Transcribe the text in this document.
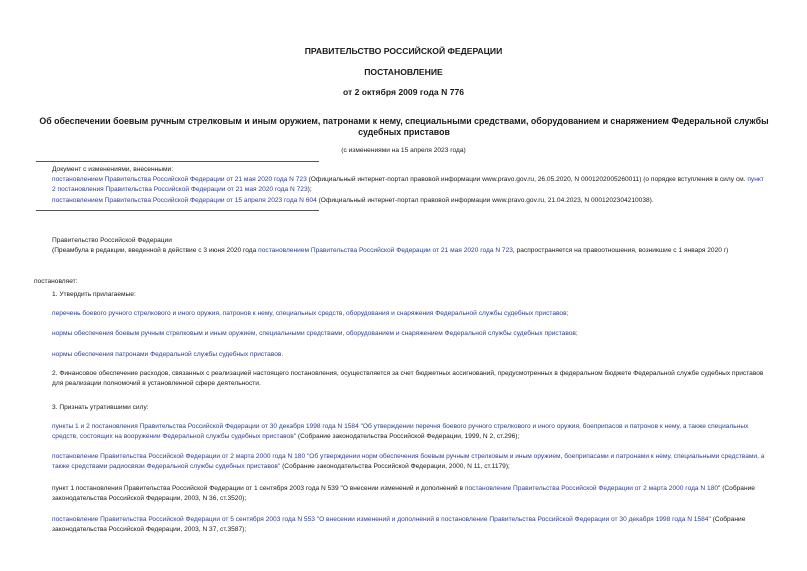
ПРАВИТЕЛЬСТВО РОССИЙСКОЙ ФЕДЕРАЦИИ
ПОСТАНОВЛЕНИЕ
от 2 октября 2009 года N 776
Об обеспечении боевым ручным стрелковым и иным оружием, патронами к нему, специальными средствами, оборудованием и снаряжением Федеральной службы судебных приставов
(с изменениями на 15 апреля 2023 года)
Документ с изменениями, внесенными:
постановлением Правительства Российской Федерации от 21 мая 2020 года N 723 (Официальный интернет-портал правовой информации www.pravo.gov.ru, 26.05.2020, N 0001202005260011) (о порядке вступления в силу см. пункт 2 постановления Правительства Российской Федерации от 21 мая 2020 года N 723);
постановлением Правительства Российской Федерации от 15 апреля 2023 года N 604 (Официальный интернет-портал правовой информации www.pravo.gov.ru, 21.04.2023, N 0001202304210038).
Правительство Российской Федерации
(Преамбула в редакции, введенной в действие с 3 июня 2020 года постановлением Правительства Российской Федерации от 21 мая 2020 года N 723, распространяется на правоотношения, возникшие с 1 января 2020 г)
постановляет:
1. Утвердить прилагаемые:
перечень боевого ручного стрелкового и иного оружия, патронов к нему, специальных средств, оборудования и снаряжения Федеральной службы судебных приставов;
нормы обеспечения боевым ручным стрелковым и иным оружием, специальными средствами, оборудованием и снаряжением Федеральной службы судебных приставов;
нормы обеспечения патронами Федеральной службы судебных приставов.
2. Финансовое обеспечение расходов, связанных с реализацией настоящего постановления, осуществляется за счет бюджетных ассигнований, предусмотренных в федеральном бюджете Федеральной службе судебных приставов для реализации полномочий в установленной сфере деятельности.
3. Признать утратившими силу:
пункты 1 и 2 постановления Правительства Российской Федерации от 30 декабря 1998 года N 1584 "Об утверждении перечня боевого ручного стрелкового и иного оружия, боеприпасов и патронов к нему, а также специальных средств, состоящих на вооружении Федеральной службы судебных приставов" (Собрание законодательства Российской Федерации, 1999, N 2, ст.296);
постановление Правительства Российской Федерации от 2 марта 2000 года N 180 "Об утверждении норм обеспечения боевым ручным стрелковым и иным оружием, боеприпасами и патронами к нему, специальными средствами, а также средствами радиосвязи Федеральной службы судебных приставов" (Собрание законодательства Российской Федерации, 2000, N 11, ст.1179);
пункт 1 постановления Правительства Российской Федерации от 1 сентября 2003 года N 539 "О внесении изменений и дополнений в постановление Правительства Российской Федерации от 2 марта 2000 года N 180" (Собрание законодательства Российской Федерации, 2003, N 36, ст.3520);
постановление Правительства Российской Федерации от 5 сентября 2003 года N 553 "О внесении изменений и дополнений в постановление Правительства Российской Федерации от 30 декабря 1998 года N 1584" (Собрание законодательства Российской Федерации, 2003, N 37, ст.3587);
